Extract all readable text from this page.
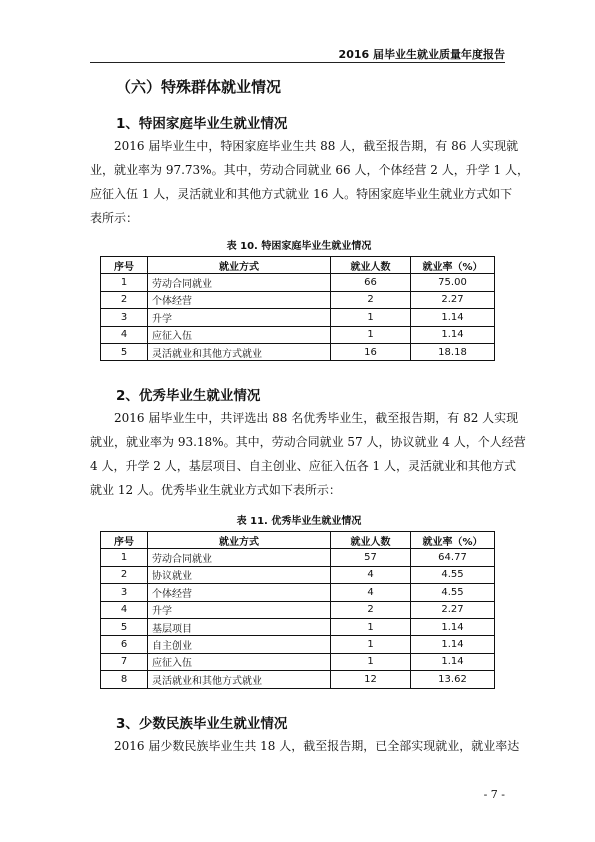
2016 届毕业生就业质量年度报告
（六）特殊群体就业情况
1、特困家庭毕业生就业情况
2016 届毕业生中，特困家庭毕业生共 88 人，截至报告期，有 86 人实现就
业，就业率为 97.73%。其中，劳动合同就业 66 人，个体经营 2 人，升学 1 人，
应征入伍 1 人，灵活就业和其他方式就业 16 人。特困家庭毕业生就业方式如下
表所示：
表 10. 特困家庭毕业生就业情况
序号	就业方式	就业人数	就业率（%）
1	劳动合同就业	66	75.00
2	个体经营	2	2.27
3	升学	1	1.14
4	应征入伍	1	1.14
5	灵活就业和其他方式就业	16	18.18
2、优秀毕业生就业情况
2016 届毕业生中，共评选出 88 名优秀毕业生，截至报告期，有 82 人实现
就业，就业率为 93.18%。其中，劳动合同就业 57 人，协议就业 4 人，个人经营
4 人，升学 2 人，基层项目、自主创业、应征入伍各 1 人，灵活就业和其他方式
就业 12 人。优秀毕业生就业方式如下表所示：
表 11. 优秀毕业生就业情况
序号	就业方式	就业人数	就业率（%）
1	劳动合同就业	57	64.77
2	协议就业	4	4.55
3	个体经营	4	4.55
4	升学	2	2.27
5	基层项目	1	1.14
6	自主创业	1	1.14
7	应征入伍	1	1.14
8	灵活就业和其他方式就业	12	13.62
3、少数民族毕业生就业情况
2016 届少数民族毕业生共 18 人，截至报告期，已全部实现就业，就业率达
- 7 -
